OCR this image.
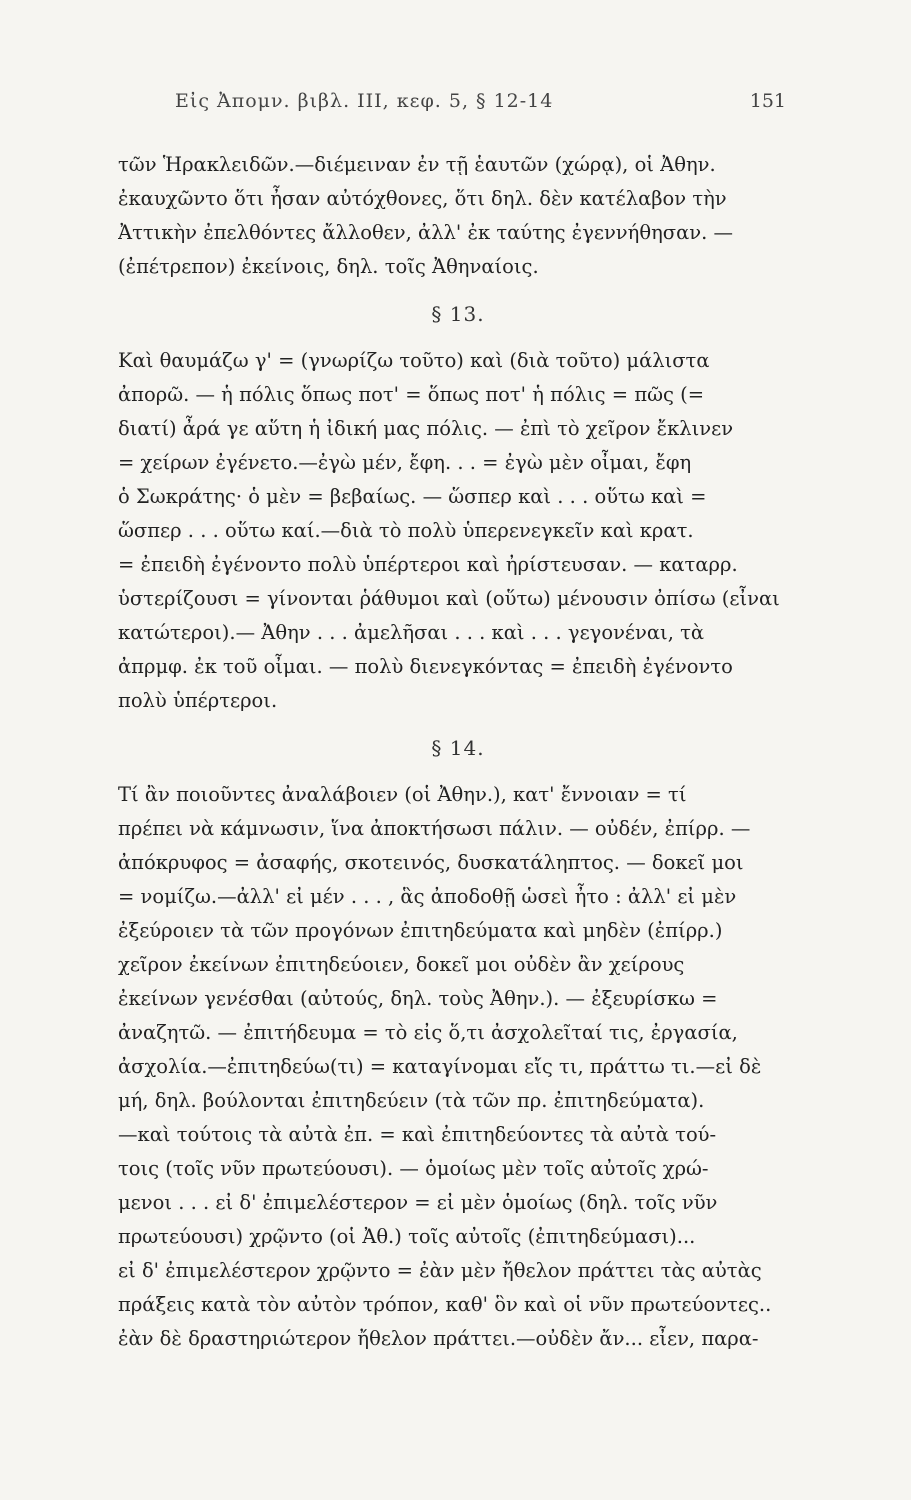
Εἰς Ἀπομν. βιβλ. III, κεφ. 5, § 12-14	151
τῶν Ἡρακλειδῶν.—διέμειναν ἐν τῇ ἑαυτῶν (χώρᾳ), οἱ Ἀθην.
ἐκαυχῶντο ὅτι ἦσαν αὐτόχθονες, ὅτι δηλ. δὲν κατέλαβον τὴν
Ἀττικὴν ἐπελθόντες ἄλλοθεν, ἀλλ' ἐκ ταύτης ἐγεννήθησαν. —
(ἐπέτρεπον) ἐκείνοις, δηλ. τοῖς Ἀθηναίοις.
§ 13.
Καὶ θαυμάζω γ' = (γνωρίζω τοῦτο) καὶ (διὰ τοῦτο) μάλιστα
ἀπορῶ. — ἡ πόλις ὅπως ποτ' = ὅπως ποτ' ἡ πόλις = πῶς (=
διατί) ἆρά γε αὕτη ἡ ἰδική μας πόλις. — ἐπὶ τὸ χεῖρον ἔκλινεν
= χείρων ἐγένετο.—ἐγὼ μέν, ἔφη. . . = ἐγὼ μὲν οἶμαι, ἔφη
ὁ Σωκράτης· ὁ μὲν = βεβαίως. — ὥσπερ καὶ . . . οὕτω καὶ =
ὥσπερ . . . οὕτω καί.—διὰ τὸ πολὺ ὑπερενεγκεῖν καὶ κρατ.
= ἐπειδὴ ἐγένοντο πολὺ ὑπέρτεροι καὶ ἠρίστευσαν. — καταρρ.
ὑστερίζουσι = γίνονται ῥάθυμοι καὶ (οὕτω) μένουσιν ὀπίσω (εἶναι
κατώτεροι).— Ἀθην . . . ἀμελῆσαι . . . καὶ . . . γεγονέναι, τὰ
ἀπρμφ. ἐκ τοῦ οἶμαι. — πολὺ διενεγκόντας = ἐπειδὴ ἐγένοντο
πολὺ ὑπέρτεροι.
§ 14.
Τί ἂν ποιοῦντες ἀναλάβοιεν (οἱ Ἀθην.), κατ' ἔννοιαν = τί
πρέπει νὰ κάμνωσιν, ἵνα ἀποκτήσωσι πάλιν. — οὐδέν, ἐπίρρ. —
ἀπόκρυφος = ἀσαφής, σκοτεινός, δυσκατάληπτος. — δοκεῖ μοι
= νομίζω.—ἀλλ' εἰ μέν . . . , ἃς ἀποδοθῇ ὡσεὶ ἦτο : ἀλλ' εἰ μὲν
ἐξεύροιεν τὰ τῶν προγόνων ἐπιτηδεύματα καὶ μηδὲν (ἐπίρρ.)
χεῖρον ἐκείνων ἐπιτηδεύοιεν, δοκεῖ μοι οὐδὲν ἂν χείρους
ἐκείνων γενέσθαι (αὐτούς, δηλ. τοὺς Ἀθην.). — ἐξευρίσκω =
ἀναζητῶ. — ἐπιτήδευμα = τὸ εἰς ὅ,τι ἀσχολεῖταί τις, ἐργασία,
ἀσχολία.—ἐπιτηδεύω(τι) = καταγίνομαι εἴς τι, πράττω τι.—εἰ δὲ
μή, δηλ. βούλονται ἐπιτηδεύειν (τὰ τῶν πρ. ἐπιτηδεύματα).
—καὶ τούτοις τὰ αὐτὰ ἐπ. = καὶ ἐπιτηδεύοντες τὰ αὐτὰ τού-
τοις (τοῖς νῦν πρωτεύουσι). — ὁμοίως μὲν τοῖς αὐτοῖς χρώ-
μενοι . . . εἰ δ' ἐπιμελέστερον = εἰ μὲν ὁμοίως (δηλ. τοῖς νῦν
πρωτεύουσι) χρῷντο (οἱ Ἀθ.) τοῖς αὐτοῖς (ἐπιτηδεύμασι)...
εἰ δ' ἐπιμελέστερον χρῷντο = ἐὰν μὲν ἤθελον πράττει τὰς αὐτὰς
πράξεις κατὰ τὸν αὐτὸν τρόπον, καθ' ὃν καὶ οἱ νῦν πρωτεύοντες..
ἐὰν δὲ δραστηριώτερον ἤθελον πράττει.—οὐδὲν ἄν... εἶεν, παρα-
